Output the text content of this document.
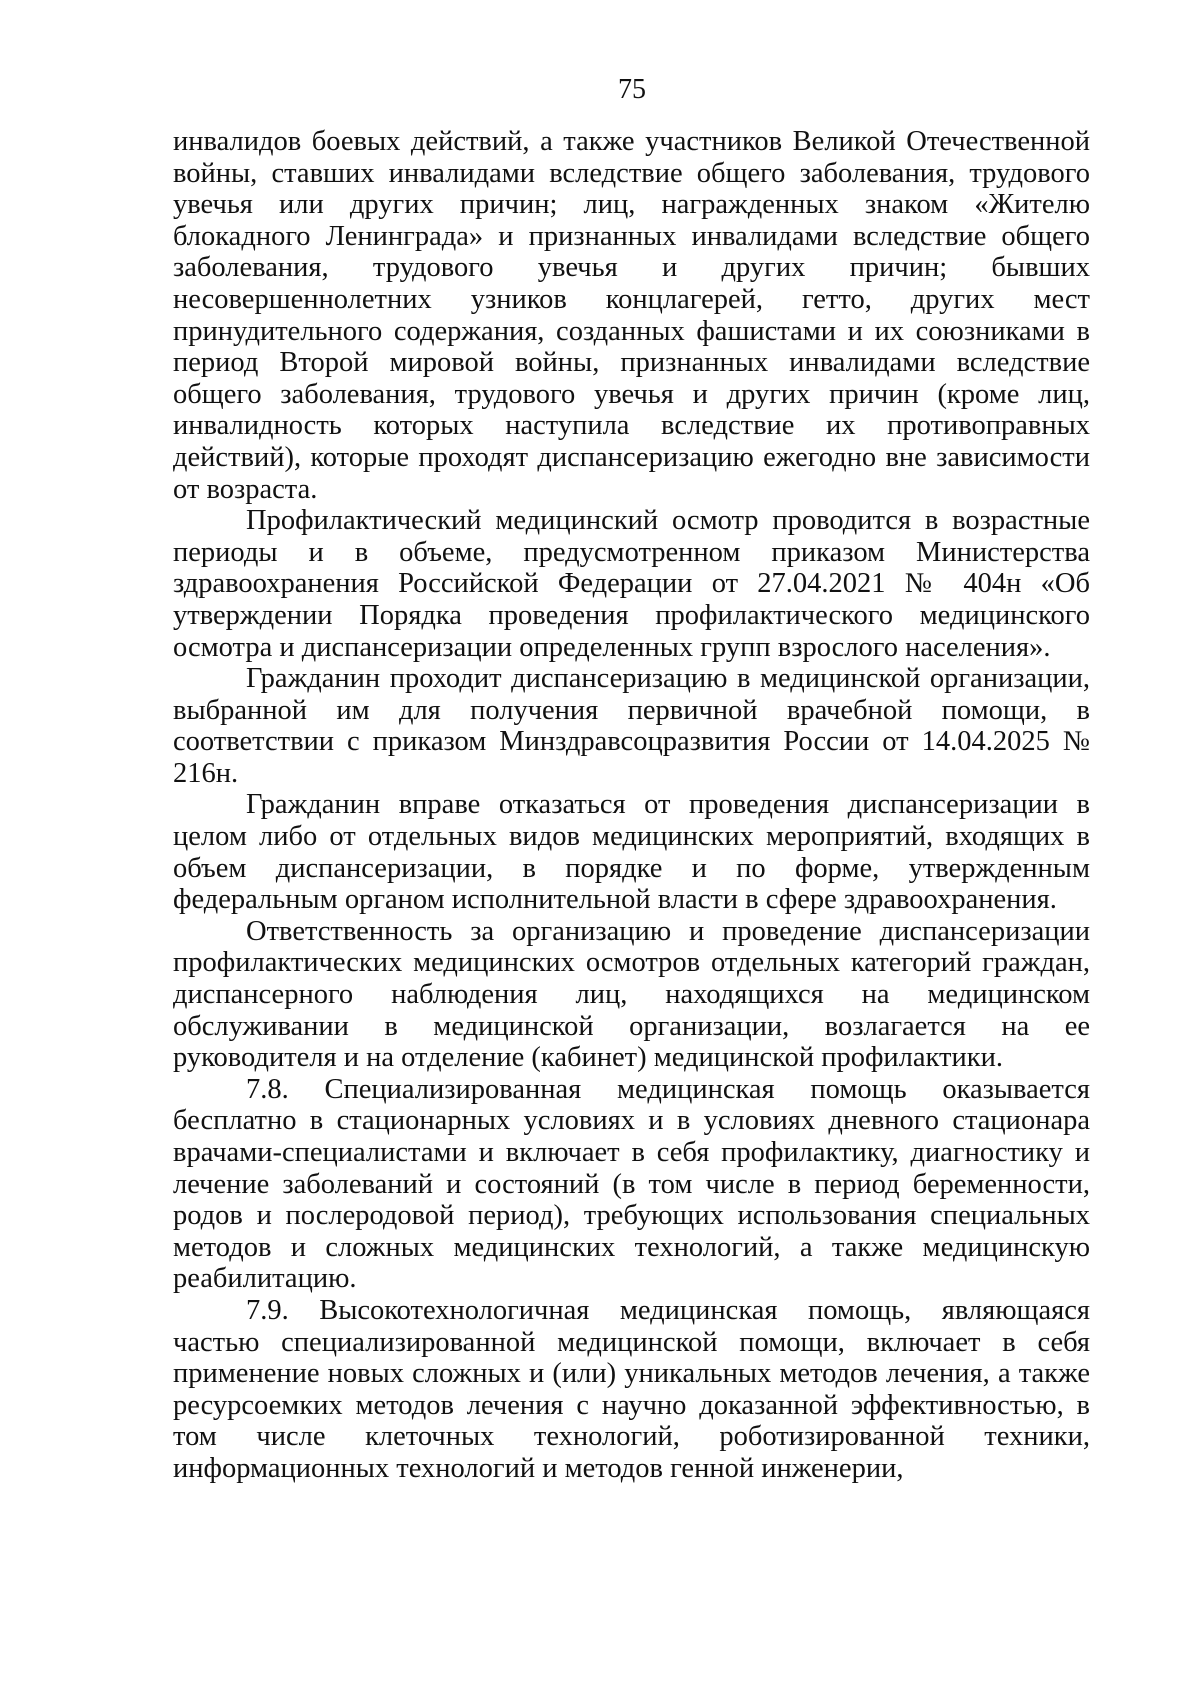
75

инвалидов боевых действий, а также участников Великой Отечественной войны, ставших инвалидами вследствие общего заболевания, трудового увечья или других причин; лиц, награжденных знаком «Жителю блокадного Ленинграда» и признанных инвалидами вследствие общего заболевания, трудового увечья и других причин; бывших несовершеннолетних узников концлагерей, гетто, других мест принудительного содержания, созданных фашистами и их союзниками в период Второй мировой войны, признанных инвалидами вследствие общего заболевания, трудового увечья и других причин (кроме лиц, инвалидность которых наступила вследствие их противоправных действий), которые проходят диспансеризацию ежегодно вне зависимости от возраста.

Профилактический медицинский осмотр проводится в возрастные периоды и в объеме, предусмотренном приказом Министерства здравоохранения Российской Федерации от 27.04.2021 № 404н «Об утверждении Порядка проведения профилактического медицинского осмотра и диспансеризации определенных групп взрослого населения».

Гражданин проходит диспансеризацию в медицинской организации, выбранной им для получения первичной врачебной помощи, в соответствии с приказом Минздравсоцразвития России от 14.04.2025 № 216н.

Гражданин вправе отказаться от проведения диспансеризации в целом либо от отдельных видов медицинских мероприятий, входящих в объем диспансеризации, в порядке и по форме, утвержденным федеральным органом исполнительной власти в сфере здравоохранения.

Ответственность за организацию и проведение диспансеризации профилактических медицинских осмотров отдельных категорий граждан, диспансерного наблюдения лиц, находящихся на медицинском обслуживании в медицинской организации, возлагается на ее руководителя и на отделение (кабинет) медицинской профилактики.

7.8. Специализированная медицинская помощь оказывается бесплатно в стационарных условиях и в условиях дневного стационара врачами-специалистами и включает в себя профилактику, диагностику и лечение заболеваний и состояний (в том числе в период беременности, родов и послеродовой период), требующих использования специальных методов и сложных медицинских технологий, а также медицинскую реабилитацию.

7.9. Высокотехнологичная медицинская помощь, являющаяся частью специализированной медицинской помощи, включает в себя применение новых сложных и (или) уникальных методов лечения, а также ресурсоемких методов лечения с научно доказанной эффективностью, в том числе клеточных технологий, роботизированной техники, информационных технологий и методов генной инженерии,
